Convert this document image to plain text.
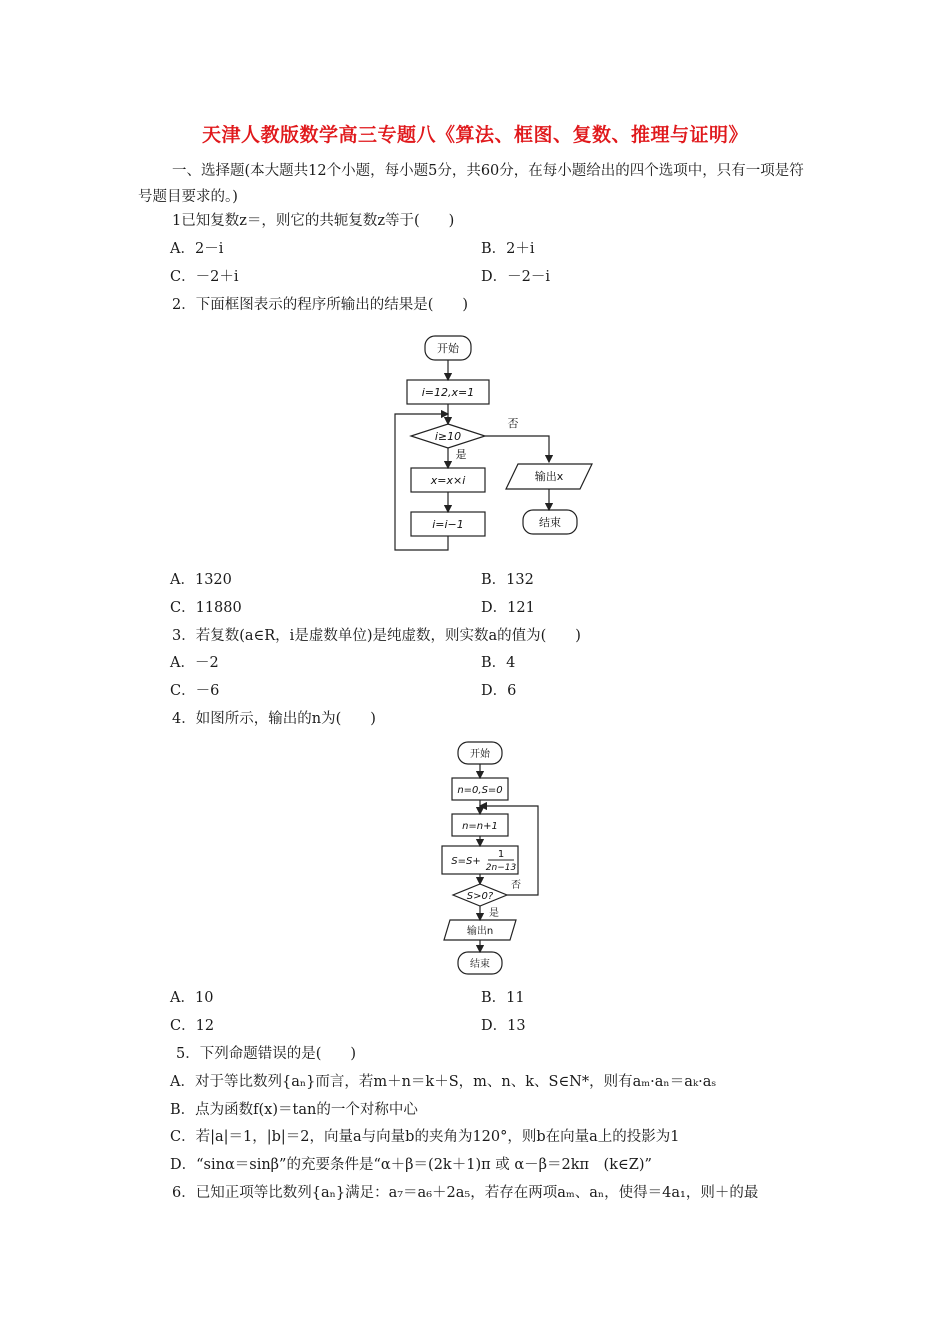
天津人教版数学高三专题八《算法、框图、复数、推理与证明》
一、选择题(本大题共12个小题，每小题5分，共60分，在每小题给出的四个选项中，只有一项是符号题目要求的。)
1已知复数z＝，则它的共轭复数z等于(　　)
A．2－i	B．2＋i
C．－2＋i	D．－2－i
2．下面框图表示的程序所输出的结果是(　　)
开始
i=12,x=1
i≥10
否
是
x=x×i
i=i−1
输出x
结束
A．1320	B．132
C．11880	D．121
3．若复数(a∈R，i是虚数单位)是纯虚数，则实数a的值为(　　)
A．－2	B．4
C．－6	D．6
4．如图所示，输出的n为(　　)
开始
n=0,S=0
n=n+1
S=S+
1
2n−13
S>0?
否
是
输出n
结束
A．10	B．11
C．12	D．13
5．下列命题错误的是(　　)
A．对于等比数列{aₙ}而言，若m＋n＝k＋S，m、n、k、S∈N*，则有aₘ·aₙ＝aₖ·aₛ
B．点为函数f(x)＝tan的一个对称中心
C．若|a|＝1，|b|＝2，向量a与向量b的夹角为120°，则b在向量a上的投影为1
D．“sinα＝sinβ”的充要条件是“α＋β＝(2k＋1)π 或 α－β＝2kπ　(k∈Z)”
6．已知正项等比数列{aₙ}满足：a₇＝a₆＋2a₅，若存在两项aₘ、aₙ，使得＝4a₁，则＋的最
